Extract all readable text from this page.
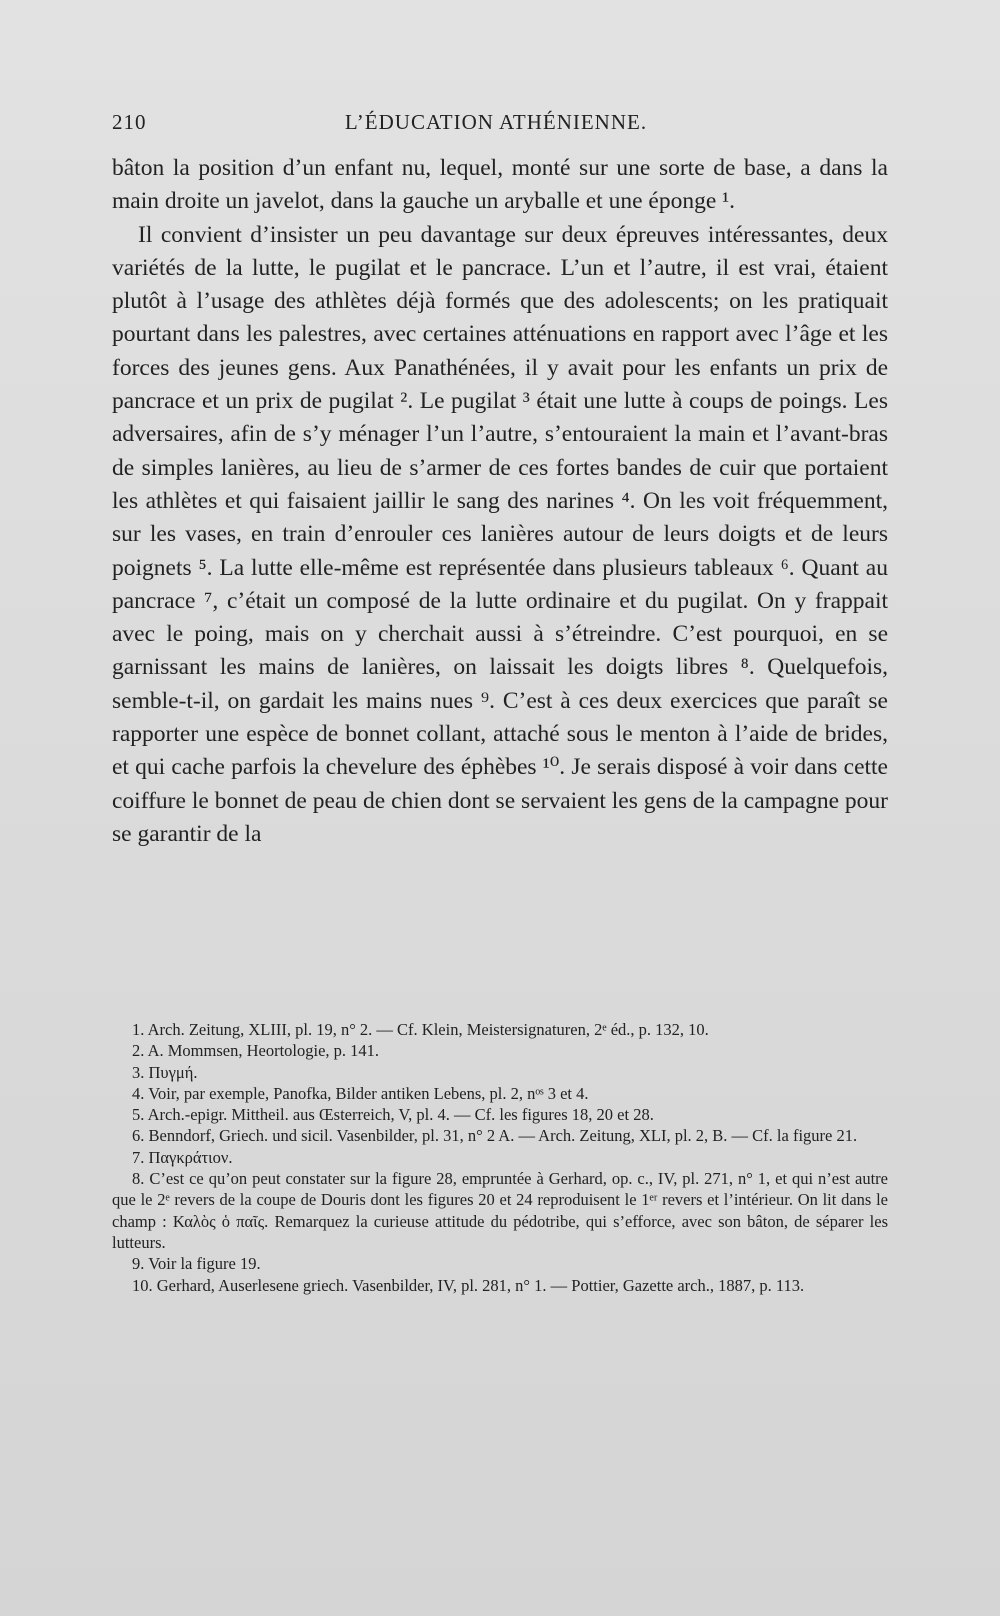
210	L’ÉDUCATION ATHÉNIENNE.

bâton la position d’un enfant nu, lequel, monté sur une sorte de base, a dans la main droite un javelot, dans la gauche un aryballe et une éponge ¹.

Il convient d’insister un peu davantage sur deux épreuves intéressantes, deux variétés de la lutte, le pugilat et le pancrace. L’un et l’autre, il est vrai, étaient plutôt à l’usage des athlètes déjà formés que des adolescents; on les pratiquait pourtant dans les palestres, avec certaines atténuations en rapport avec l’âge et les forces des jeunes gens. Aux Panathénées, il y avait pour les enfants un prix de pancrace et un prix de pugilat ². Le pugilat ³ était une lutte à coups de poings. Les adversaires, afin de s’y ménager l’un l’autre, s’entouraient la main et l’avant-bras de simples lanières, au lieu de s’armer de ces fortes bandes de cuir que portaient les athlètes et qui faisaient jaillir le sang des narines ⁴. On les voit fréquemment, sur les vases, en train d’enrouler ces lanières autour de leurs doigts et de leurs poignets ⁵. La lutte elle-même est représentée dans plusieurs tableaux ⁶. Quant au pancrace ⁷, c’était un composé de la lutte ordinaire et du pugilat. On y frappait avec le poing, mais on y cherchait aussi à s’étreindre. C’est pourquoi, en se garnissant les mains de lanières, on laissait les doigts libres ⁸. Quelquefois, semble-t-il, on gardait les mains nues ⁹. C’est à ces deux exercices que paraît se rapporter une espèce de bonnet collant, attaché sous le menton à l’aide de brides, et qui cache parfois la chevelure des éphèbes ¹⁰. Je serais disposé à voir dans cette coiffure le bonnet de peau de chien dont se servaient les gens de la campagne pour se garantir de la

1. Arch. Zeitung, XLIII, pl. 19, n° 2. — Cf. Klein, Meistersignaturen, 2ᵉ éd., p. 132, 10.

2. A. Mommsen, Heortologie, p. 141.

3. Πυγμή.

4. Voir, par exemple, Panofka, Bilder antiken Lebens, pl. 2, nᵒˢ 3 et 4.

5. Arch.-epigr. Mittheil. aus Œsterreich, V, pl. 4. — Cf. les figures 18, 20 et 28.

6. Benndorf, Griech. und sicil. Vasenbilder, pl. 31, n° 2 A. — Arch. Zeitung, XLI, pl. 2, B. — Cf. la figure 21.

7. Παγκράτιον.

8. C’est ce qu’on peut constater sur la figure 28, empruntée à Gerhard, op. c., IV, pl. 271, n° 1, et qui n’est autre que le 2ᵉ revers de la coupe de Douris dont les figures 20 et 24 reproduisent le 1ᵉʳ revers et l’intérieur. On lit dans le champ : Καλὸς ὁ παῖς. Remarquez la curieuse attitude du pédotribe, qui s’efforce, avec son bâton, de séparer les lutteurs.

9. Voir la figure 19.

10. Gerhard, Auserlesene griech. Vasenbilder, IV, pl. 281, n° 1. — Pottier, Gazette arch., 1887, p. 113.
